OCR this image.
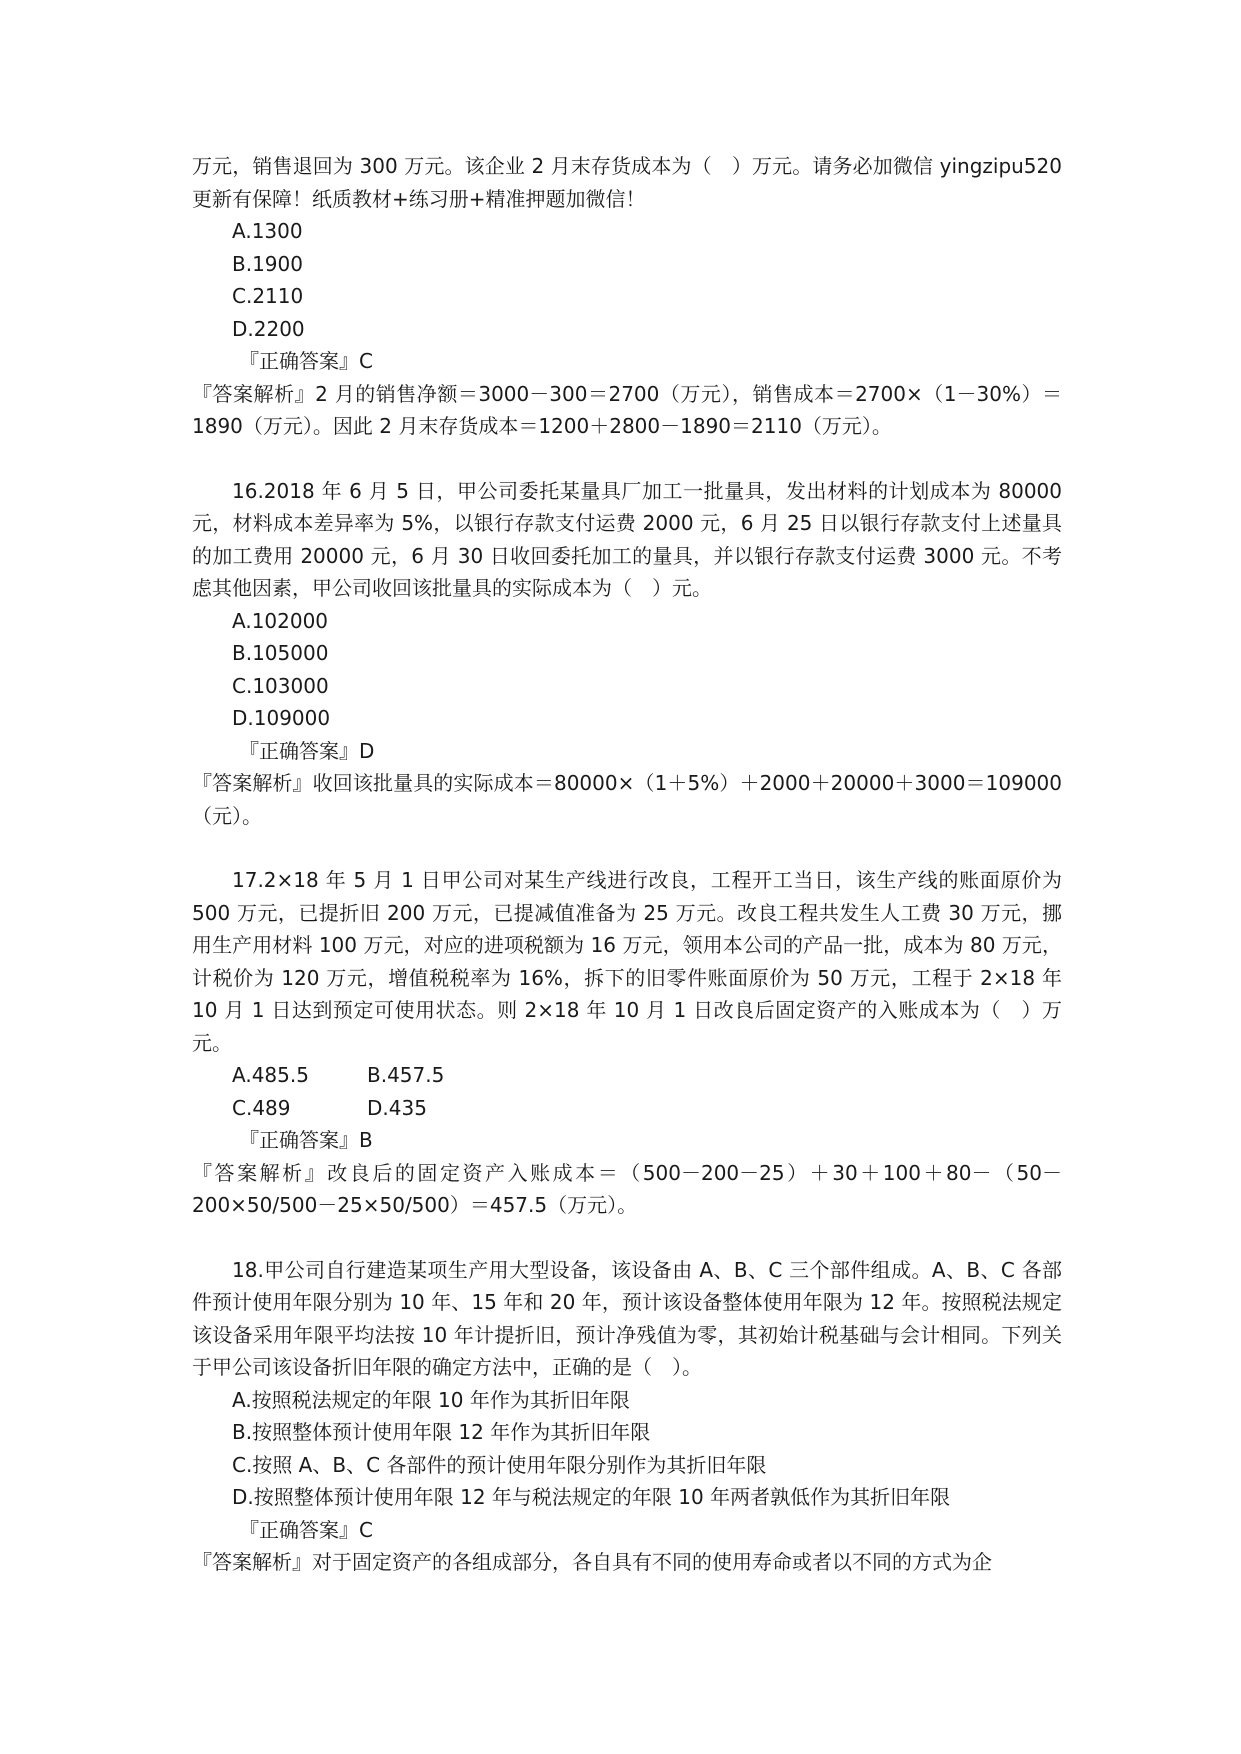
万元，销售退回为 300 万元。该企业 2 月末存货成本为（　）万元。请务必加微信 yingzipu520 更新有保障！纸质教材+练习册+精准押题加微信！

A.1300

B.1900

C.2110

D.2200

『正确答案』C

『答案解析』2 月的销售净额＝3000－300＝2700（万元），销售成本＝2700×（1－30%）＝1890（万元）。因此 2 月末存货成本＝1200＋2800－1890＝2110（万元）。

16.2018 年 6 月 5 日，甲公司委托某量具厂加工一批量具，发出材料的计划成本为 80000 元，材料成本差异率为 5%，以银行存款支付运费 2000 元，6 月 25 日以银行存款支付上述量具的加工费用 20000 元，6 月 30 日收回委托加工的量具，并以银行存款支付运费 3000 元。不考虑其他因素，甲公司收回该批量具的实际成本为（　）元。

A.102000

B.105000

C.103000

D.109000

『正确答案』D

『答案解析』收回该批量具的实际成本＝80000×（1＋5%）＋2000＋20000＋3000＝109000（元）。

17.2×18 年 5 月 1 日甲公司对某生产线进行改良，工程开工当日，该生产线的账面原价为 500 万元，已提折旧 200 万元，已提减值准备为 25 万元。改良工程共发生人工费 30 万元，挪用生产用材料 100 万元，对应的进项税额为 16 万元，领用本公司的产品一批，成本为 80 万元，计税价为 120 万元，增值税税率为 16%，拆下的旧零件账面原价为 50 万元，工程于 2×18 年 10 月 1 日达到预定可使用状态。则 2×18 年 10 月 1 日改良后固定资产的入账成本为（　）万元。

A.485.5	B.457.5

C.489	D.435

『正确答案』B

『答案解析』改良后的固定资产入账成本＝（500－200－25）＋30＋100＋80－（50－200×50/500－25×50/500）＝457.5（万元）。

18.甲公司自行建造某项生产用大型设备，该设备由 A、B、C 三个部件组成。A、B、C 各部件预计使用年限分别为 10 年、15 年和 20 年，预计该设备整体使用年限为 12 年。按照税法规定该设备采用年限平均法按 10 年计提折旧，预计净残值为零，其初始计税基础与会计相同。下列关于甲公司该设备折旧年限的确定方法中，正确的是（　）。

A.按照税法规定的年限 10 年作为其折旧年限

B.按照整体预计使用年限 12 年作为其折旧年限

C.按照 A、B、C 各部件的预计使用年限分别作为其折旧年限

D.按照整体预计使用年限 12 年与税法规定的年限 10 年两者孰低作为其折旧年限

『正确答案』C

『答案解析』对于固定资产的各组成部分，各自具有不同的使用寿命或者以不同的方式为企
